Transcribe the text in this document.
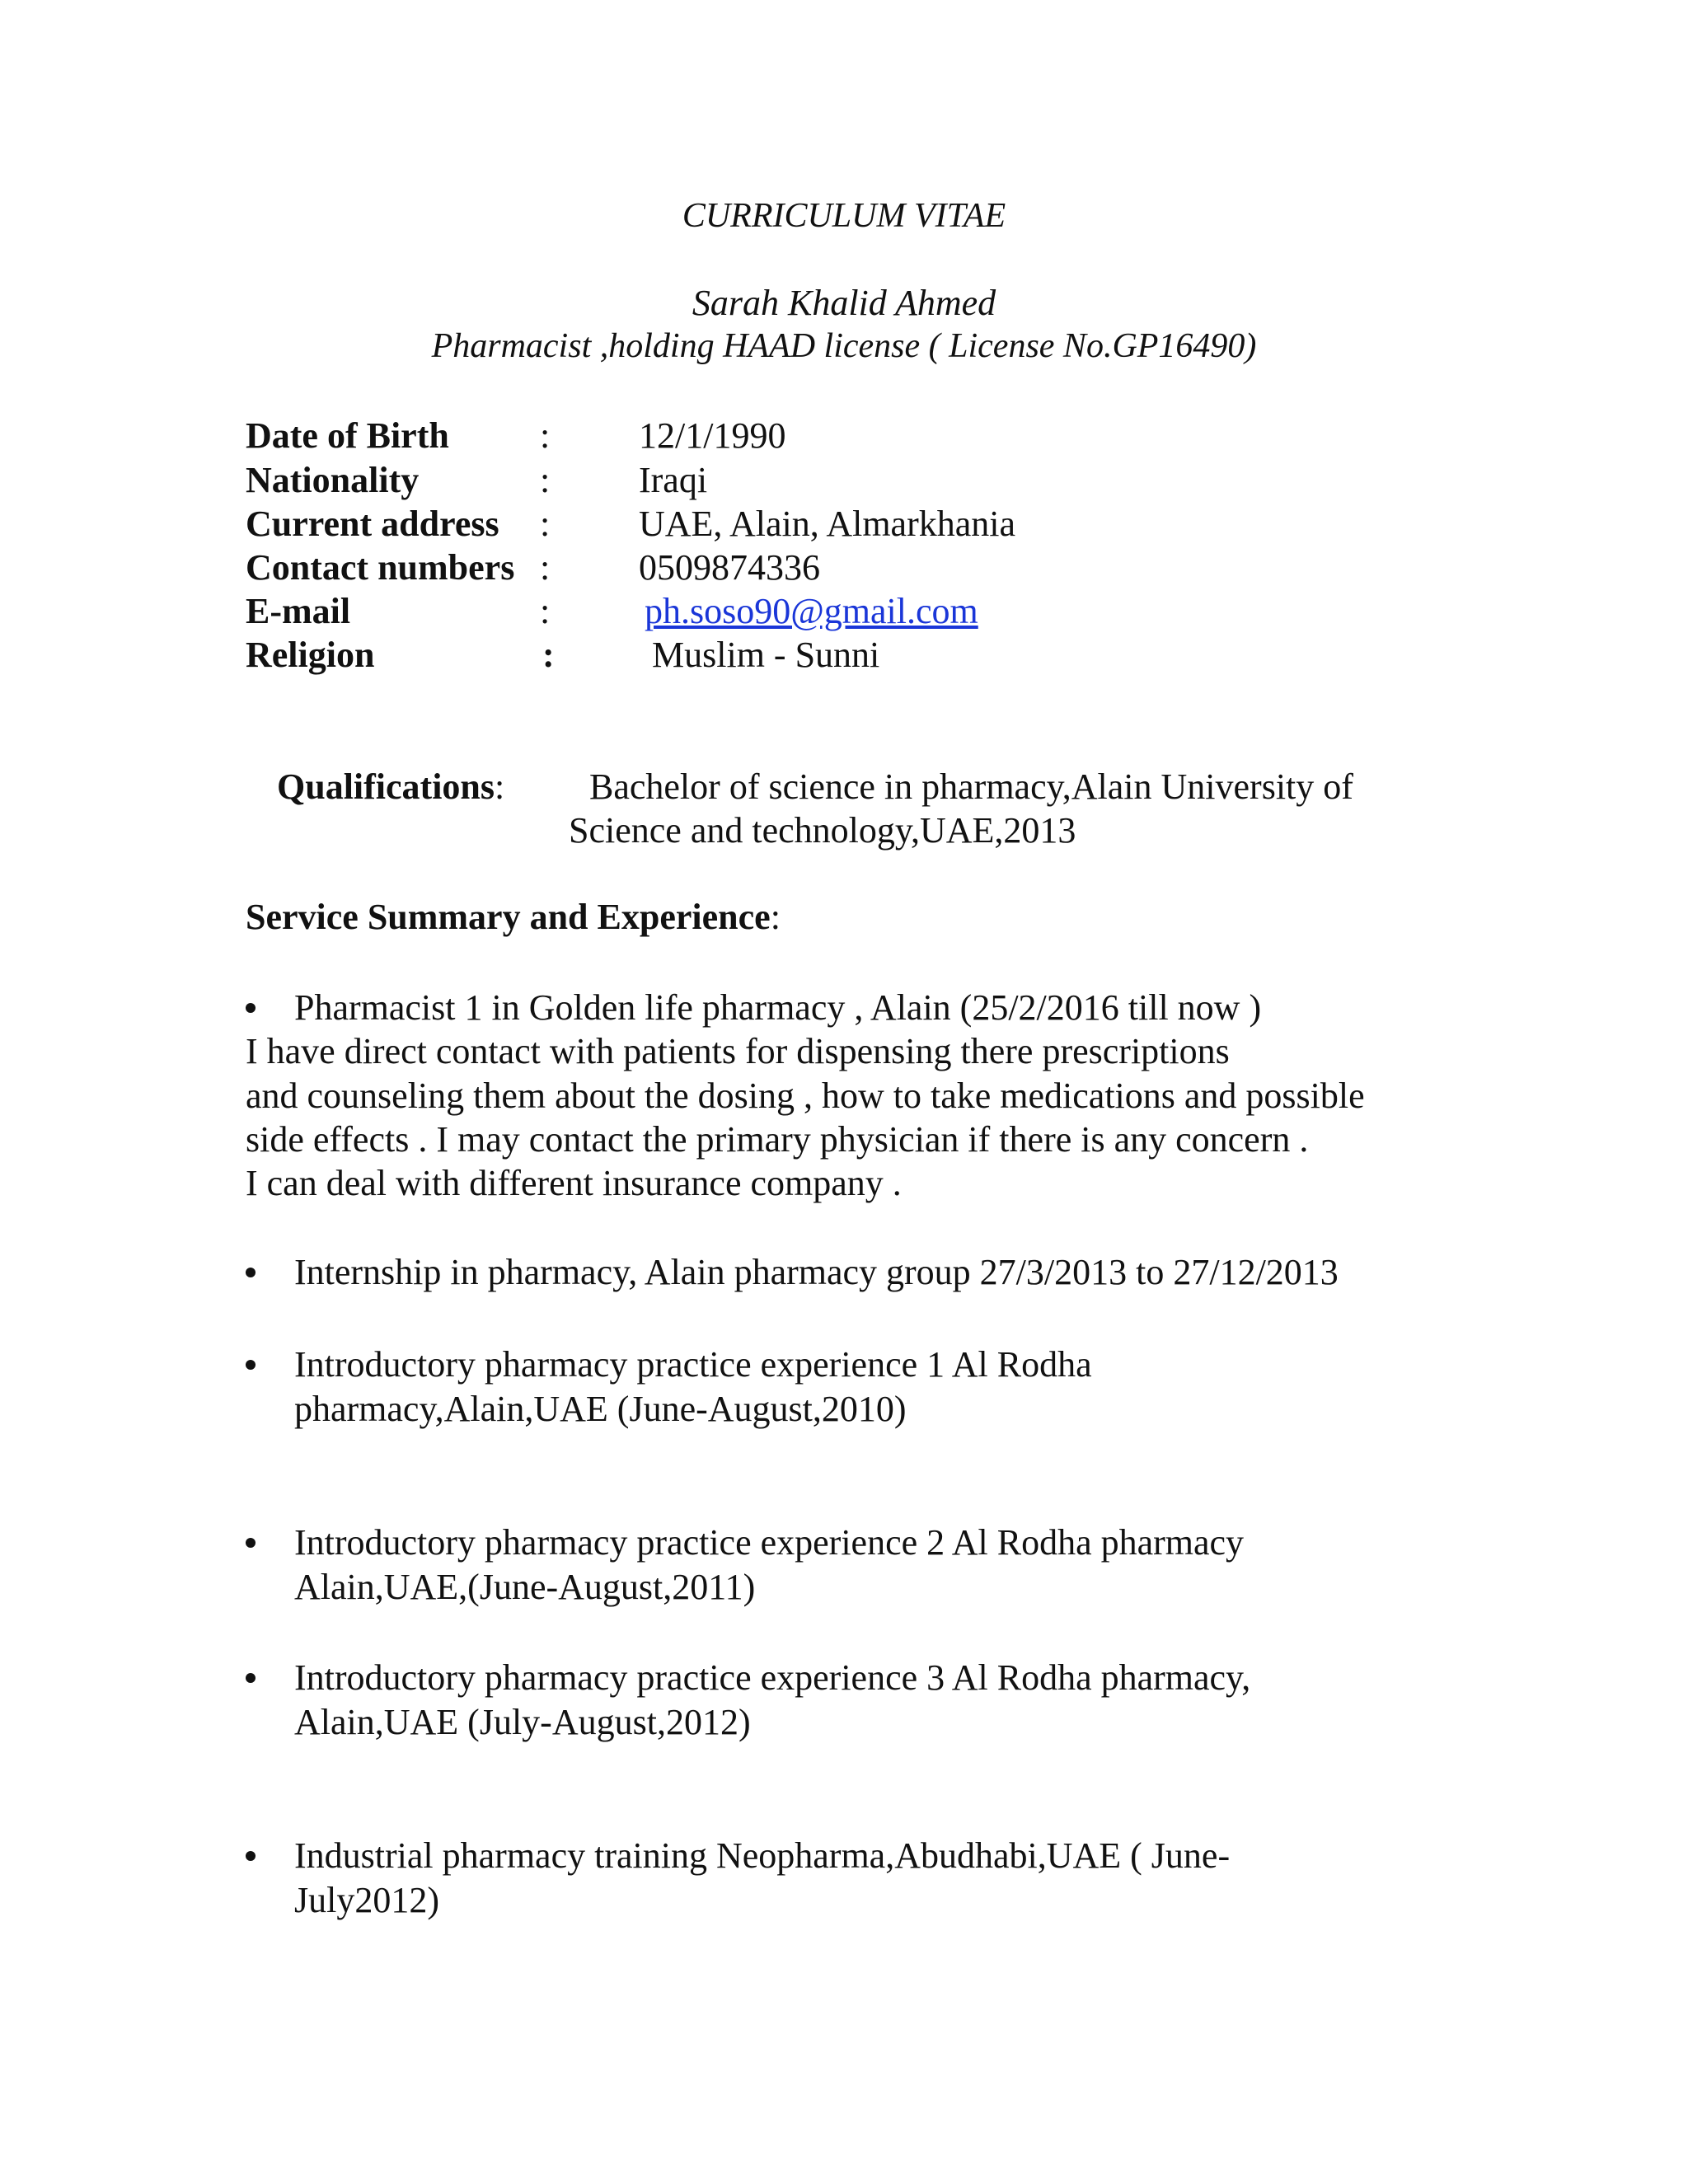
CURRICULUM VITAE
Sarah Khalid Ahmed
Pharmacist ,holding HAAD license ( License No.GP16490)
Date of Birth	: 12/1/1990
Nationality	: Iraqi
Current address : UAE, Alain, Almarkhania
Contact numbers : 0509874336
E-mail	:	ph.soso90@gmail.com
Religion	:	Muslim - Sunni
Qualifications: Bachelor of science in pharmacy,Alain University of
Science and technology,UAE,2013
Service Summary and Experience:
Pharmacist 1 in Golden life pharmacy , Alain (25/2/2016 till now )
I have direct contact with patients for dispensing there prescriptions
and counseling them about the dosing , how to take medications and possible
side effects . I may contact the primary physician if there is any concern .
I can deal with different insurance company .
Internship in pharmacy, Alain pharmacy group 27/3/2013 to 27/12/2013
Introductory pharmacy practice experience 1 Al Rodha
pharmacy,Alain,UAE (June-August,2010)
Introductory pharmacy practice experience 2 Al Rodha pharmacy
Alain,UAE,(June-August,2011)
Introductory pharmacy practice experience 3 Al Rodha pharmacy,
Alain,UAE (July-August,2012)
Industrial pharmacy training Neopharma,Abudhabi,UAE ( June-
July2012)
